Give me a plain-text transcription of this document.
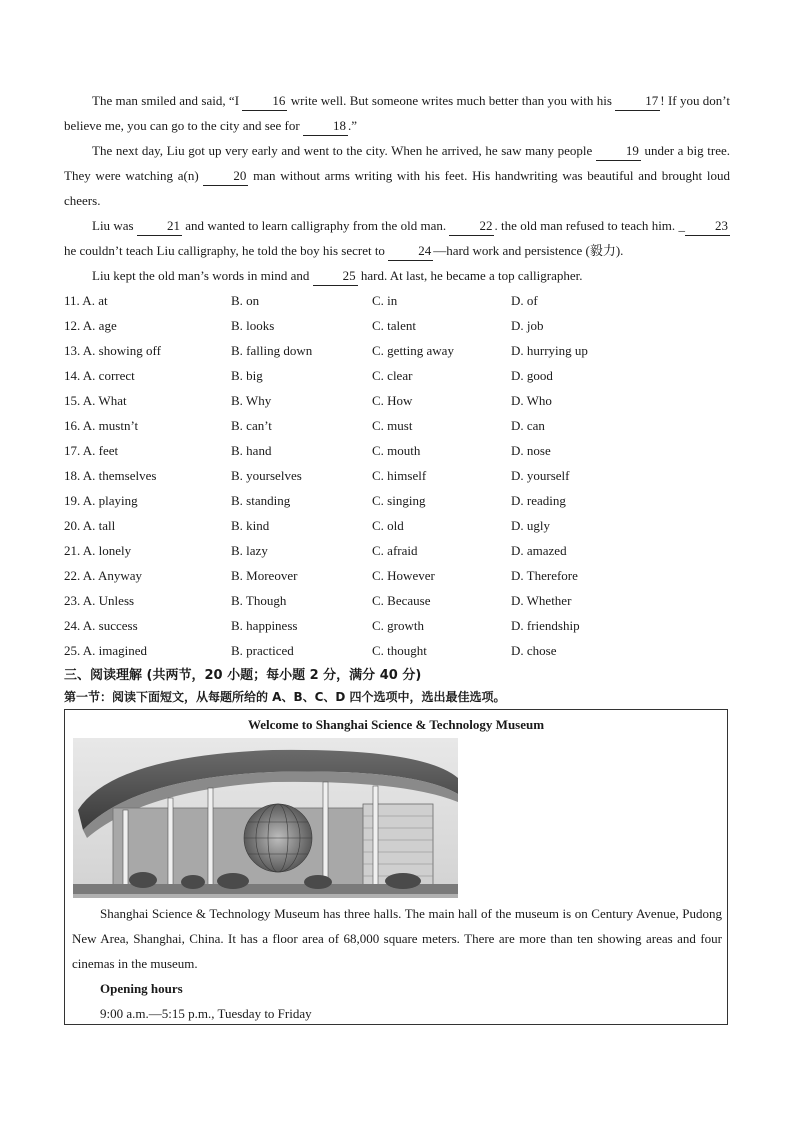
The man smiled and said, “I 16 write well. But someone writes much better than you with his 17 ! If you don’t believe me, you can go to the city and see for 18 .”

The next day, Liu got up very early and went to the city. When he arrived, he saw many people 19 under a big tree. They were watching a(n) 20 man without arms writing with his feet. His handwriting was beautiful and brought loud cheers.

Liu was 21 and wanted to learn calligraphy from the old man. 22 . the old man refused to teach him. _ 23 he couldn’t teach Liu calligraphy, he told the boy his secret to 24 —hard work and persistence (毅力).

Liu kept the old man’s words in mind and 25 hard. At last, he became a top calligrapher.

11. A. at	B. on	C. in	D. of
12. A. age	B. looks	C. talent	D. job
13. A. showing off	B. falling down	C. getting away	D. hurrying up
14. A. correct	B. big	C. clear	D. good
15. A. What	B. Why	C. How	D. Who
16. A. mustn’t	B. can’t	C. must	D. can
17. A. feet	B. hand	C. mouth	D. nose
18. A. themselves	B. yourselves	C. himself	D. yourself
19. A. playing	B. standing	C. singing	D. reading
20. A. tall	B. kind	C. old	D. ugly
21. A. lonely	B. lazy	C. afraid	D. amazed
22. A. Anyway	B. Moreover	C. However	D. Therefore
23. A. Unless	B. Though	C. Because	D. Whether
24. A. success	B. happiness	C. growth	D. friendship
25. A. imagined	B. practiced	C. thought	D. chose
三、阅读理解 (共两节，20 小题；每小题 2 分，满分 40 分)
第一节：阅读下面短文，从每题所给的 A、B、C、D 四个选项中，选出最佳选项。
Welcome to Shanghai Science & Technology Museum

Shanghai Science & Technology Museum has three halls. The main hall of the museum is on Century Avenue, Pudong New Area, Shanghai, China. It has a floor area of 68,000 square meters. There are more than ten showing areas and four cinemas in the museum.

Opening hours
9:00 a.m.—5:15 p.m., Tuesday to Friday
